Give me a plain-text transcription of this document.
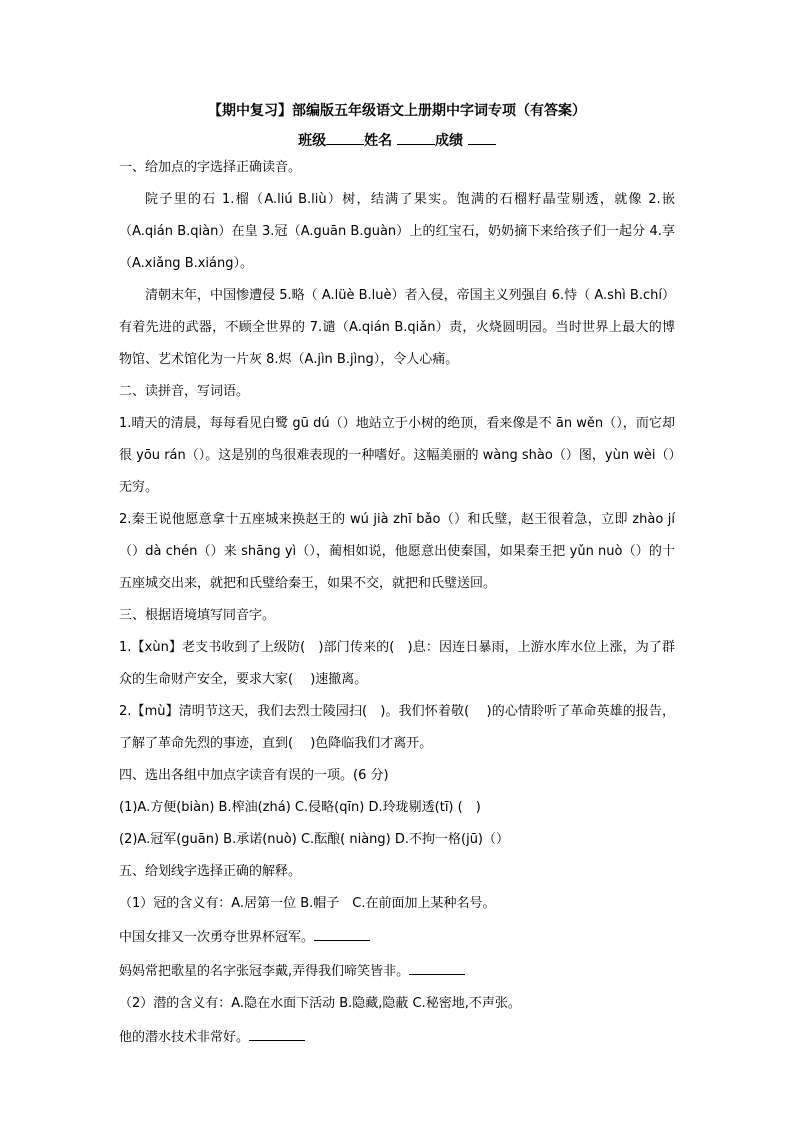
【期中复习】部编版五年级语文上册期中字词专项（有答案）
班级	姓名	成绩

一、给加点的字选择正确读音。

院子里的石 1.榴（A.liú B.liù）树，结满了果实。饱满的石榴籽晶莹剔透，就像 2.嵌（A.qián B.qiàn）在皇 3.冠（A.guān B.guàn）上的红宝石，奶奶摘下来给孩子们一起分 4.享（A.xiǎng B.xiáng）。

清朝末年，中国惨遭侵 5.略（ A.lüè B.luè）者入侵，帝国主义列强自 6.恃（ A.shì B.chí）有着先进的武器，不顾全世界的 7.谴（A.qián B.qiǎn）责，火烧圆明园。当时世界上最大的博物馆、艺术馆化为一片灰 8.烬（A.jìn B.jìng），令人心痛。

二、读拼音，写词语。

1.晴天的清晨，每每看见白鹭 gū dú（）地站立于小树的绝顶，看来像是不 ān wěn（），而它却很 yōu rán（）。这是别的鸟很难表现的一种嗜好。这幅美丽的 wàng shào（）图，yùn wèi（）无穷。

2.秦王说他愿意拿十五座城来换赵王的 wú jià zhī bǎo（）和氏璧，赵王很着急，立即 zhào jí（）dà chén（）来 shāng yì（），蔺相如说，他愿意出使秦国，如果秦王把 yǔn nuò（）的十五座城交出来，就把和氏璧给秦王，如果不交，就把和氏璧送回。

三、根据语境填写同音字。

1.【xùn】老支书收到了上级防(　)部门传来的(　)息：因连日暴雨，上游水库水位上涨，为了群众的生命财产安全，要求大家(　 )速撤离。

2.【mù】清明节这天，我们去烈士陵园扫(　)。我们怀着敬(　 )的心情聆听了革命英雄的报告，了解了革命先烈的事迹，直到(　 )色降临我们才离开。

四、选出各组中加点字读音有误的一项。(6 分)

(1)A.方便(biàn) B.榨油(zhá) C.侵略(qīn) D.玲珑剔透(tī) (　)

(2)A.冠军(guān) B.承诺(nuò) C.酝酿( niàng) D.不拘一格(jū)（）

五、给划线字选择正确的解释。

（1）冠的含义有：A.居第一位 B.帽子　C.在前面加上某种名号。

中国女排又一次勇夺世界杯冠军。

妈妈常把歌星的名字张冠李戴,弄得我们啼笑皆非。

（2）潜的含义有：A.隐在水面下活动 B.隐藏,隐蔽 C.秘密地,不声张。

他的潜水技术非常好。
